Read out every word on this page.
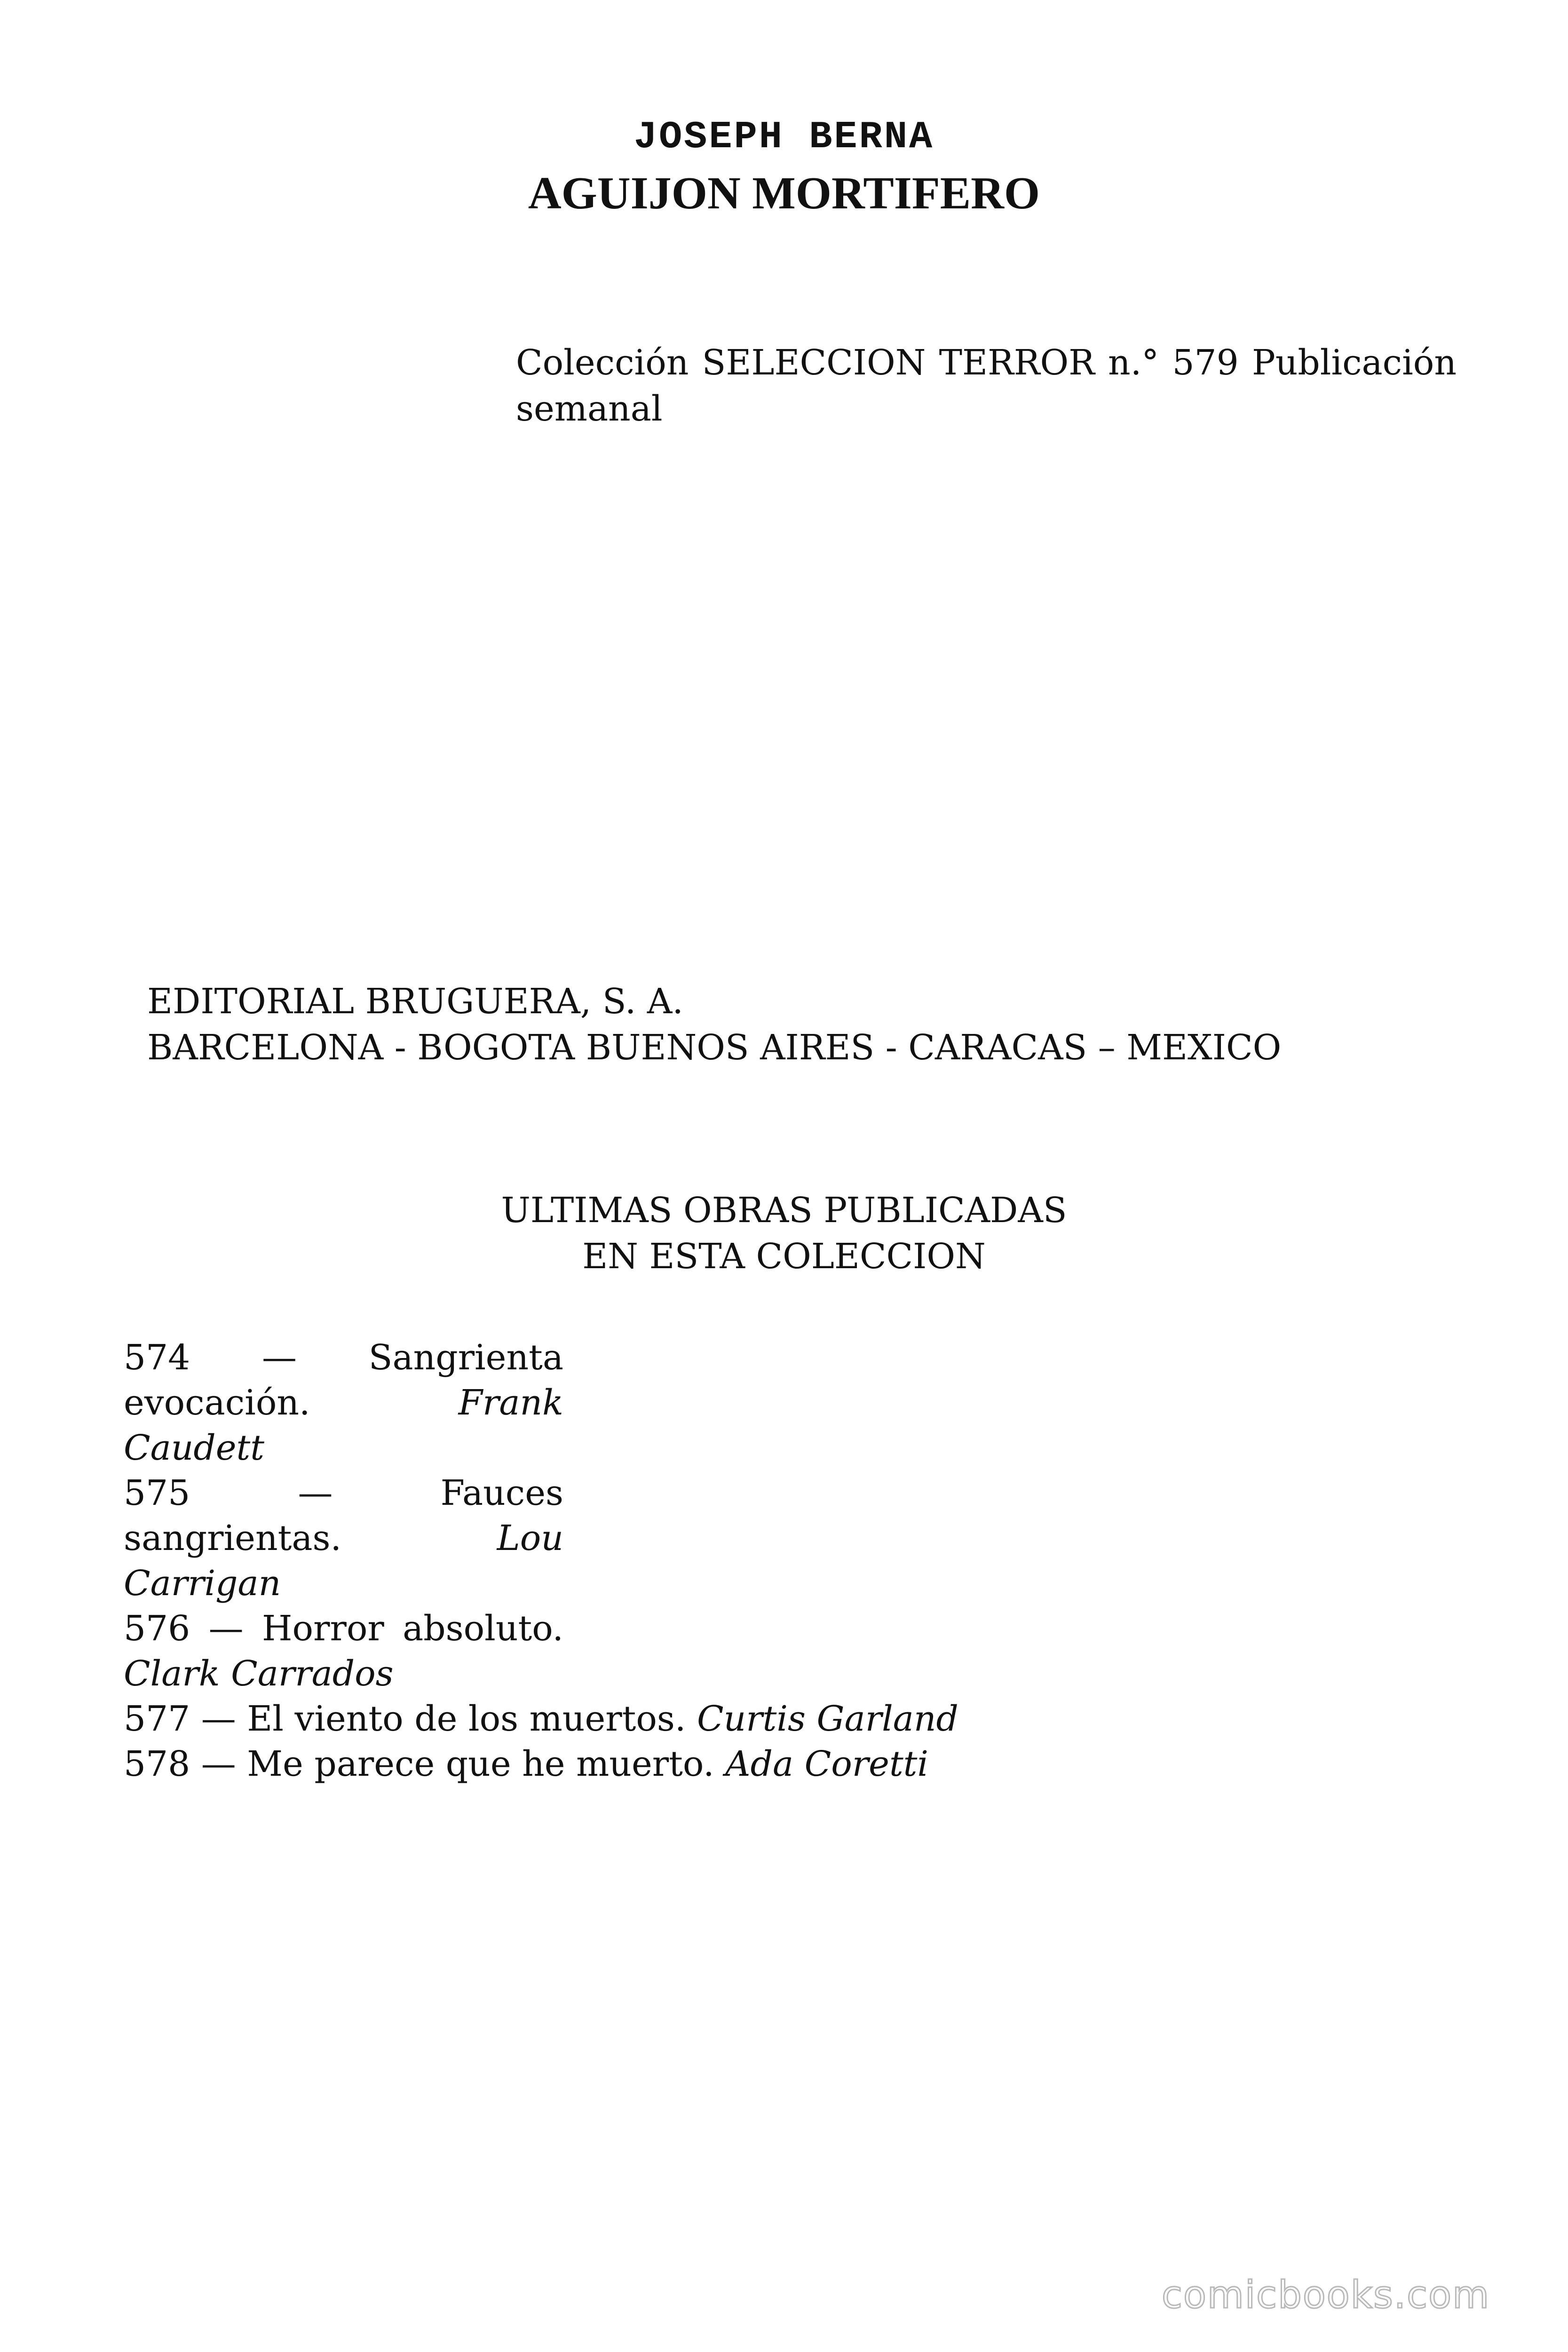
JOSEPH BERNA
AGUIJON MORTIFERO

Colección SELECCION TERROR n.° 579 Publicación semanal

EDITORIAL BRUGUERA, S. A.
BARCELONA - BOGOTA BUENOS AIRES - CARACAS – MEXICO
ULTIMAS OBRAS PUBLICADAS
EN ESTA COLECCION
574 — Sangrienta evocación.	Frank Caudett
575 — Fauces sangrientas.	Lou Carrigan
576 — Horror absoluto. Clark Carrados
577 — El viento de los muertos. Curtis Garland
578 — Me parece que he muerto. Ada Coretti

comicbooks.com
